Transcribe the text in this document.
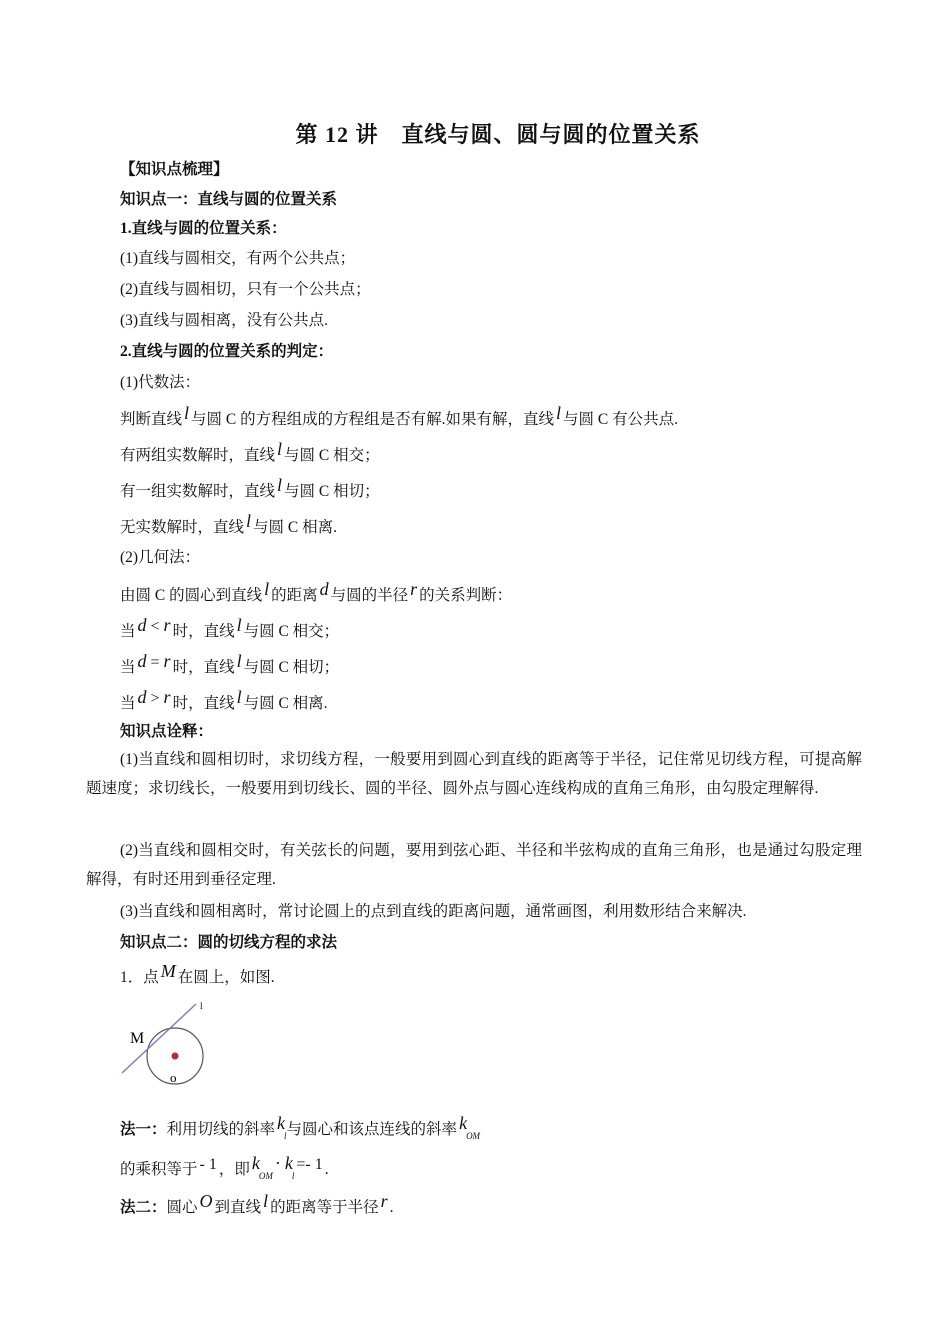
第 12 讲　直线与圆、圆与圆的位置关系
【知识点梳理】
知识点一：直线与圆的位置关系
1.直线与圆的位置关系：
(1)直线与圆相交，有两个公共点；
(2)直线与圆相切，只有一个公共点；
(3)直线与圆相离，没有公共点.
2.直线与圆的位置关系的判定：
(1)代数法：
判断直线 l 与圆 C 的方程组成的方程组是否有解.如果有解，直线 l 与圆 C 有公共点.
有两组实数解时，直线 l 与圆 C 相交；
有一组实数解时，直线 l 与圆 C 相切；
无实数解时，直线 l 与圆 C 相离.
(2)几何法：
由圆 C 的圆心到直线 l 的距离 d 与圆的半径 r 的关系判断：
当 d < r 时，直线 l 与圆 C 相交；
当 d = r 时，直线 l 与圆 C 相切；
当 d > r 时，直线 l 与圆 C 相离.
知识点诠释：
(1)当直线和圆相切时，求切线方程，一般要用到圆心到直线的距离等于半径，记住常见切线方程，可提高解题速度；求切线长，一般要用到切线长、圆的半径、圆外点与圆心连线构成的直角三角形，由勾股定理解得.
(2)当直线和圆相交时，有关弦长的问题，要用到弦心距、半径和半弦构成的直角三角形，也是通过勾股定理解得，有时还用到垂径定理.
(3)当直线和圆相离时，常讨论圆上的点到直线的距离问题，通常画图，利用数形结合来解决.
知识点二：圆的切线方程的求法
1．点 M 在圆上，如图.
M
o
l
法一：利用切线的斜率 $k_l$与圆心和该点连线的斜率 $k_{OM}$
的乘积等于 - 1 ，即 $k_{OM}\cdot k_l=-$ 1 .
法二：圆心 O 到直线 l 的距离等于半径 r .
